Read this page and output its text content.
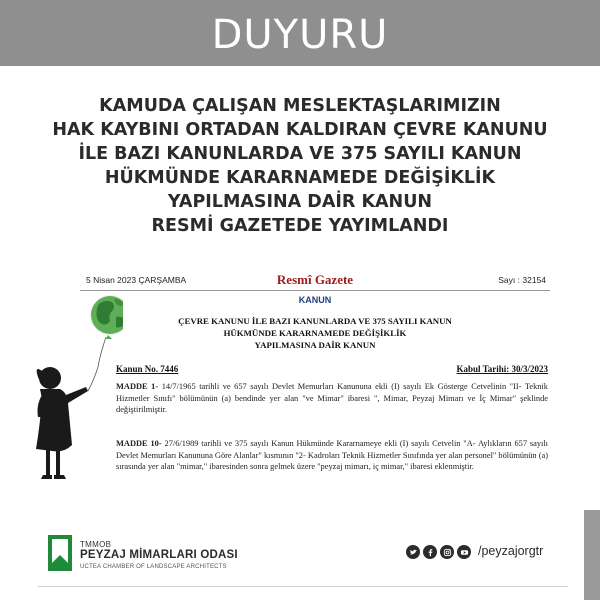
DUYURU
KAMUDA ÇALIŞAN MESLEKTAŞLARIMIZIN
HAK KAYBINI ORTADAN KALDIRAN ÇEVRE KANUNU
İLE BAZI KANUNLARDA VE 375 SAYILI KANUN
HÜKMÜNDE KARARNAMEDE DEĞİŞİKLİK
YAPILMASINA DAİR KANUN
RESMİ GAZETEDE YAYIMLANDI
5 Nisan 2023 ÇARŞAMBA	Resmî Gazete	Sayı : 32154
KANUN
ÇEVRE KANUNU İLE BAZI KANUNLARDA VE 375 SAYILI KANUN
HÜKMÜNDE KARARNAMEDE DEĞİŞİKLİK
YAPILMASINA DAİR KANUN
Kanun No. 7446	Kabul Tarihi: 30/3/2023
MADDE 1- 14/7/1965 tarihli ve 657 sayılı Devlet Memurları Kanununa ekli (I) sayılı Ek Gösterge Cetvelinin "II- Teknik Hizmetler Sınıfı" bölümünün (a) bendinde yer alan "ve Mimar" ibaresi ", Mimar, Peyzaj Mimarı ve İç Mimar" şeklinde değiştirilmiştir.
MADDE 10- 27/6/1989 tarihli ve 375 sayılı Kanun Hükmünde Kararnameye ekli (I) sayılı Cetvelin "A- Aylıkların 657 sayılı Devlet Memurları Kanununa Göre Alanlar" kısmının "2- Kadroları Teknik Hizmetler Sınıfında yer alan personel" bölümünün (a) sırasında yer alan "mimar," ibaresinden sonra gelmek üzere "peyzaj mimarı, iç mimar," ibaresi eklenmiştir.
TMMOB
PEYZAJ MİMARLARI ODASI
UCTEA CHAMBER OF LANDSCAPE ARCHITECTS
/peyzajorgtr
